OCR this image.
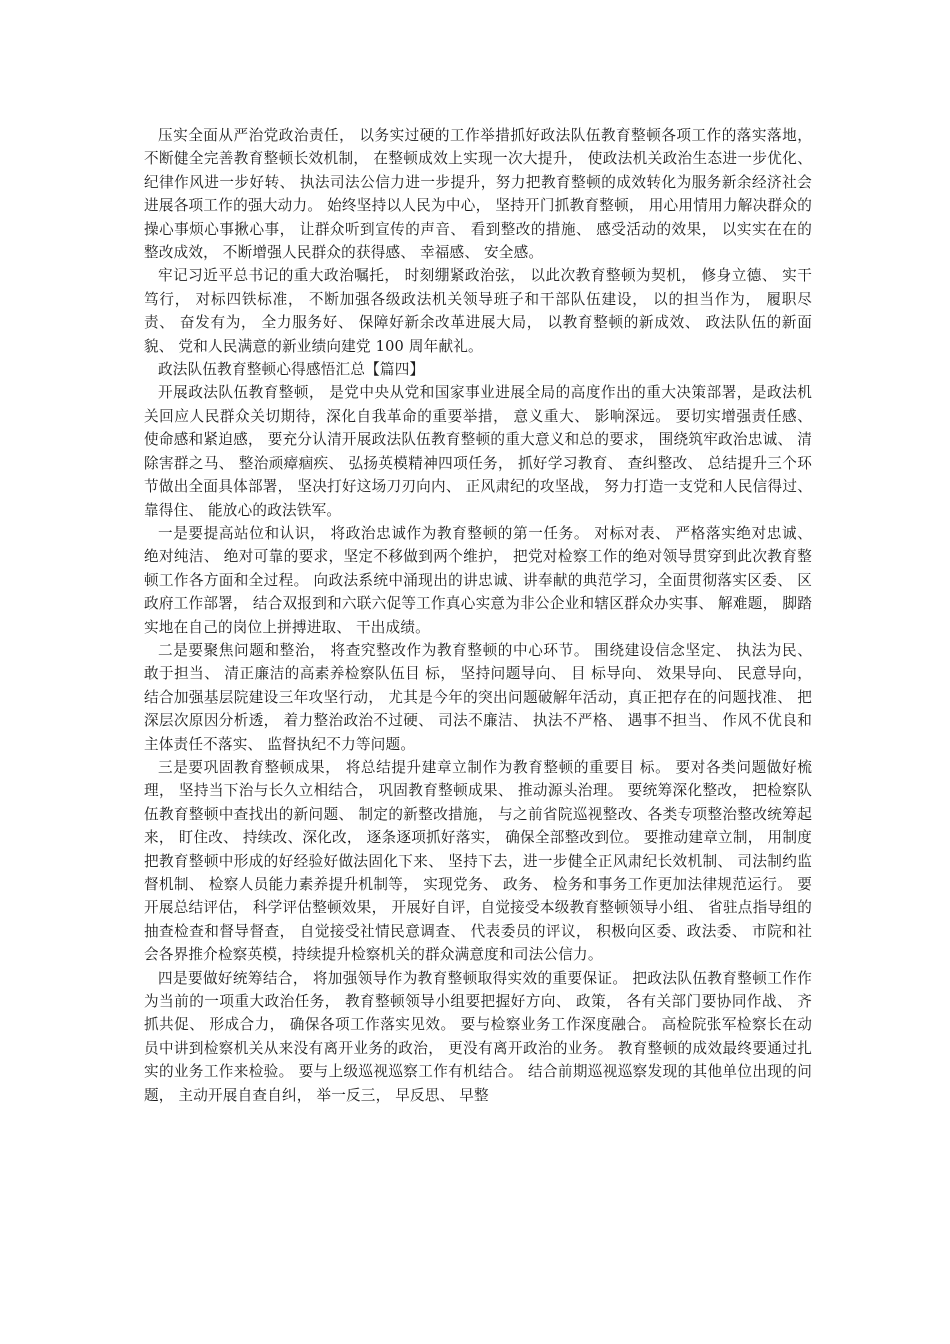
压实全面从严治党政治责任， 以务实过硬的工作举措抓好政法队伍教育整顿各项工作的落实落地， 不断健全完善教育整顿长效机制， 在整顿成效上实现一次大提升， 使政法机关政治生态进一步优化、 纪律作风进一步好转、 执法司法公信力进一步提升，努力把教育整顿的成效转化为服务新余经济社会进展各项工作的强大动力。 始终坚持以人民为中心， 坚持开门抓教育整顿， 用心用情用力解决群众的操心事烦心事揪心事， 让群众听到宣传的声音、 看到整改的措施、 感受活动的效果， 以实实在在的整改成效， 不断增强人民群众的获得感、 幸福感、 安全感。

牢记习近平总书记的重大政治嘱托， 时刻绷紧政治弦， 以此次教育整顿为契机， 修身立德、 实干笃行， 对标四铁标准， 不断加强各级政法机关领导班子和干部队伍建设， 以的担当作为， 履职尽责、 奋发有为， 全力服务好、 保障好新余改革进展大局， 以教育整顿的新成效、 政法队伍的新面貌、 党和人民满意的新业绩向建党 100 周年献礼。

政法队伍教育整顿心得感悟汇总【篇四】

开展政法队伍教育整顿， 是党中央从党和国家事业进展全局的高度作出的重大决策部署，是政法机关回应人民群众关切期待，深化自我革命的重要举措， 意义重大、 影响深远。 要切实增强责任感、 使命感和紧迫感， 要充分认清开展政法队伍教育整顿的重大意义和总的要求， 围绕筑牢政治忠诚、 清除害群之马、 整治顽瘴痼疾、 弘扬英模精神四项任务， 抓好学习教育、 查纠整改、 总结提升三个环节做出全面具体部署， 坚决打好这场刀刃向内、 正风肃纪的攻坚战， 努力打造一支党和人民信得过、 靠得住、 能放心的政法铁军。

一是要提高站位和认识， 将政治忠诚作为教育整顿的第一任务。 对标对表、 严格落实绝对忠诚、 绝对纯洁、 绝对可靠的要求，坚定不移做到两个维护， 把党对检察工作的绝对领导贯穿到此次教育整顿工作各方面和全过程。 向政法系统中涌现出的讲忠诚、讲奉献的典范学习，全面贯彻落实区委、 区政府工作部署， 结合双报到和六联六促等工作真心实意为非公企业和辖区群众办实事、 解难题， 脚踏实地在自己的岗位上拼搏进取、 干出成绩。

二是要聚焦问题和整治， 将查究整改作为教育整顿的中心环节。 围绕建设信念坚定、 执法为民、 敢于担当、 清正廉洁的高素养检察队伍目 标， 坚持问题导向、 目 标导向、 效果导向、 民意导向， 结合加强基层院建设三年攻坚行动， 尤其是今年的突出问题破解年活动，真正把存在的问题找准、 把深层次原因分析透， 着力整治政治不过硬、 司法不廉洁、 执法不严格、 遇事不担当、 作风不优良和主体责任不落实、 监督执纪不力等问题。

三是要巩固教育整顿成果， 将总结提升建章立制作为教育整顿的重要目 标。 要对各类问题做好梳理， 坚持当下治与长久立相结合， 巩固教育整顿成果、 推动源头治理。 要统筹深化整改， 把检察队伍教育整顿中查找出的新问题、 制定的新整改措施， 与之前省院巡视整改、各类专项整治整改统筹起来， 盯住改、 持续改、深化改， 逐条逐项抓好落实， 确保全部整改到位。 要推动建章立制， 用制度把教育整顿中形成的好经验好做法固化下来、 坚持下去，进一步健全正风肃纪长效机制、 司法制约监督机制、 检察人员能力素养提升机制等， 实现党务、 政务、 检务和事务工作更加法律规范运行。 要开展总结评估， 科学评估整顿效果， 开展好自评，自觉接受本级教育整顿领导小组、 省驻点指导组的抽查检查和督导督查， 自觉接受社情民意调查、 代表委员的评议， 积极向区委、政法委、 市院和社会各界推介检察英模，持续提升检察机关的群众满意度和司法公信力。

四是要做好统筹结合， 将加强领导作为教育整顿取得实效的重要保证。 把政法队伍教育整顿工作作为当前的一项重大政治任务， 教育整顿领导小组要把握好方向、 政策， 各有关部门要协同作战、 齐抓共促、 形成合力， 确保各项工作落实见效。 要与检察业务工作深度融合。 高检院张军检察长在动员中讲到检察机关从来没有离开业务的政治， 更没有离开政治的业务。 教育整顿的成效最终要通过扎实的业务工作来检验。 要与上级巡视巡察工作有机结合。 结合前期巡视巡察发现的其他单位出现的问题， 主动开展自查自纠， 举一反三， 早反思、 早整
